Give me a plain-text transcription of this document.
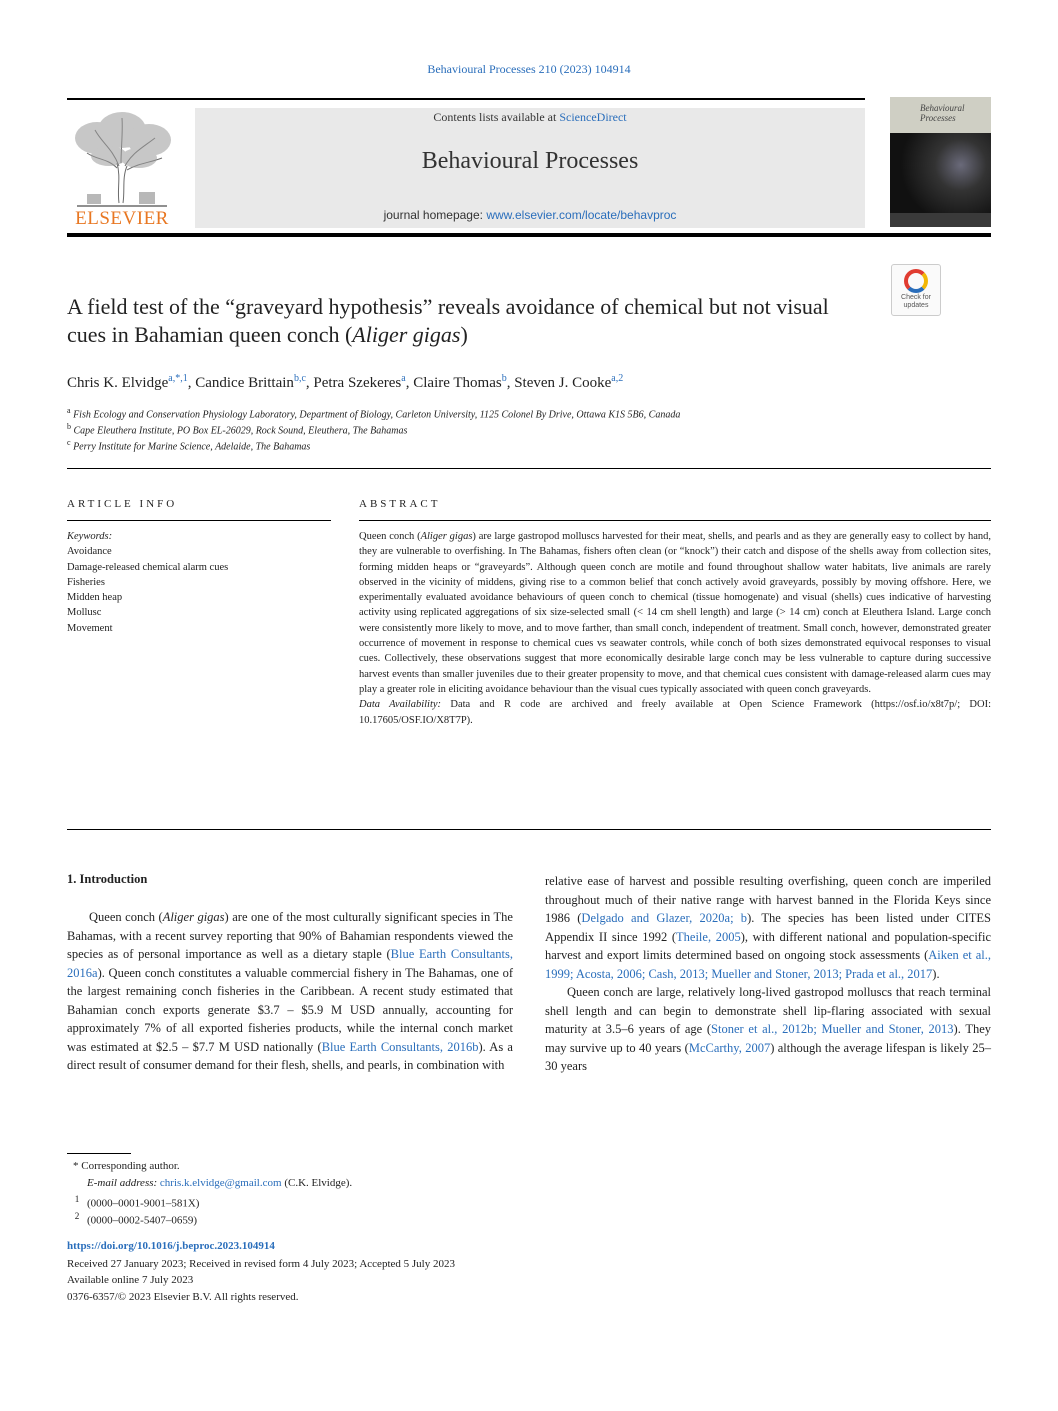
Behavioural Processes 210 (2023) 104914
ELSEVIER
Contents lists available at ScienceDirect
Behavioural Processes
journal homepage: www.elsevier.com/locate/behavproc
Behavioural Processes
A field test of the “graveyard hypothesis” reveals avoidance of chemical but not visual cues in Bahamian queen conch (Aliger gigas)
Check for updates
Chris K. Elvidge$^{a,*,1}$, Candice Brittain$^{b,c}$, Petra Szekeres$^a$, Claire Thomas$^b$, Steven J. Cooke$^{a,2}$
$^a$ Fish Ecology and Conservation Physiology Laboratory, Department of Biology, Carleton University, 1125 Colonel By Drive, Ottawa K1S 5B6, Canada
$^b$ Cape Eleuthera Institute, PO Box EL-26029, Rock Sound, Eleuthera, The Bahamas
$^c$ Perry Institute for Marine Science, Adelaide, The Bahamas
ARTICLE INFO
Keywords:
Avoidance
Damage-released chemical alarm cues
Fisheries
Midden heap
Mollusc
Movement
ABSTRACT

Queen conch (Aliger gigas) are large gastropod molluscs harvested for their meat, shells, and pearls and as they are generally easy to collect by hand, they are vulnerable to overfishing. In The Bahamas, fishers often clean (or “knock”) their catch and dispose of the shells away from collection sites, forming midden heaps or “graveyards”. Although queen conch are motile and found throughout shallow water habitats, live animals are rarely observed in the vicinity of middens, giving rise to a common belief that conch actively avoid graveyards, possibly by moving offshore. Here, we experimentally evaluated avoidance behaviours of queen conch to chemical (tissue homogenate) and visual (shells) cues indicative of harvesting activity using replicated aggregations of six size-selected small (< 14 cm shell length) and large (> 14 cm) conch at Eleuthera Island. Large conch were consistently more likely to move, and to move farther, than small conch, independent of treatment. Small conch, however, demonstrated greater occurrence of movement in response to chemical cues vs seawater controls, while conch of both sizes demonstrated equivocal responses to visual cues. Collectively, these observations suggest that more economically desirable large conch may be less vulnerable to capture during successive harvest events than smaller juveniles due to their greater propensity to move, and that chemical cues consistent with damage-released alarm cues may play a greater role in eliciting avoidance behaviour than the visual cues typically associated with queen conch graveyards.

Data Availability: Data and R code are archived and freely available at Open Science Framework (https://osf.io/x8t7p/; DOI: 10.17605/OSF.IO/X8T7P).

1. Introduction
Queen conch (Aliger gigas) are one of the most culturally significant species in The Bahamas, with a recent survey reporting that 90% of Bahamian respondents viewed the species as of personal importance as well as a dietary staple (Blue Earth Consultants, 2016a). Queen conch constitutes a valuable commercial fishery in The Bahamas, one of the largest remaining conch fisheries in the Caribbean. A recent study estimated that Bahamian conch exports generate $3.7 – $5.9 M USD annually, accounting for approximately 7% of all exported fisheries products, while the internal conch market was estimated at $2.5 – $7.7 M USD nationally (Blue Earth Consultants, 2016b). As a direct result of consumer demand for their flesh, shells, and pearls, in combination with

relative ease of harvest and possible resulting overfishing, queen conch are imperiled throughout much of their native range with harvest banned in the Florida Keys since 1986 (Delgado and Glazer, 2020a; b). The species has been listed under CITES Appendix II since 1992 (Theile, 2005), with different national and population-specific harvest and export limits determined based on ongoing stock assessments (Aiken et al., 1999; Acosta, 2006; Cash, 2013; Mueller and Stoner, 2013; Prada et al., 2017).

Queen conch are large, relatively long-lived gastropod molluscs that reach terminal shell length and can begin to demonstrate shell lip-flaring associated with sexual maturity at 3.5–6 years of age (Stoner et al., 2012b; Mueller and Stoner, 2013). They may survive up to 40 years (McCarthy, 2007) although the average lifespan is likely 25–30 years

* Corresponding author.
E-mail address: chris.k.elvidge@gmail.com (C.K. Elvidge).
$^1$ (0000–0001-9001–581X)
$^2$ (0000–0002-5407–0659)
https://doi.org/10.1016/j.beproc.2023.104914
Received 27 January 2023; Received in revised form 4 July 2023; Accepted 5 July 2023
Available online 7 July 2023
0376-6357/© 2023 Elsevier B.V. All rights reserved.
